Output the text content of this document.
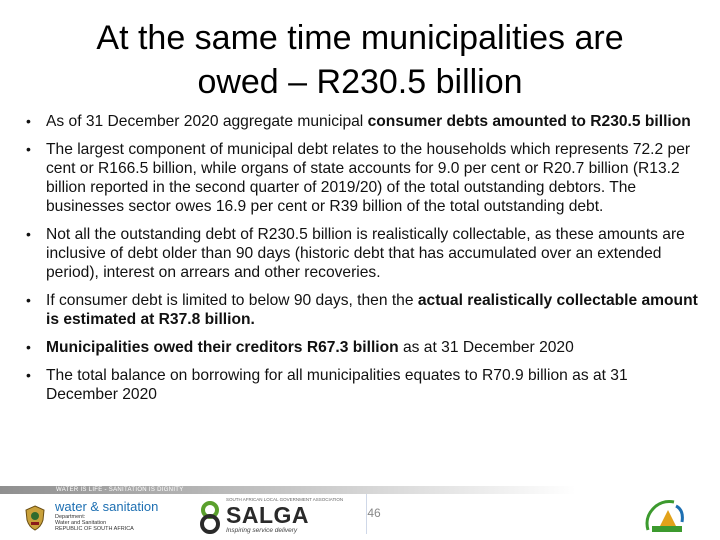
At the same time municipalities are
owed – R230.5 billion
• As of 31 December 2020 aggregate municipal consumer debts amounted to R230.5 billion
• The largest component of municipal debt relates to the households which represents 72.2 per cent or R166.5 billion, while organs of state accounts for 9.0 per cent or R20.7 billion (R13.2 billion reported in the second quarter of 2019/20) of the total outstanding debtors. The businesses sector owes 16.9 per cent or R39 billion of the total outstanding debt.
• Not all the outstanding debt of R230.5 billion is realistically collectable, as these amounts are inclusive of debt older than 90 days (historic debt that has accumulated over an extended period), interest on arrears and other recoveries.
• If consumer debt is limited to below 90 days, then the actual realistically collectable amount is estimated at R37.8 billion.
• Municipalities owed their creditors R67.3 billion as at 31 December 2020
• The total balance on borrowing for all municipalities equates to R70.9 billion as at 31 December 2020
WATER IS LIFE - SANITATION IS DIGNITY
water & sanitation
Department:
Water and Sanitation
REPUBLIC OF SOUTH AFRICA
SOUTH AFRICAN LOCAL GOVERNMENT ASSOCIATION
SALGA
Inspiring service delivery
46
